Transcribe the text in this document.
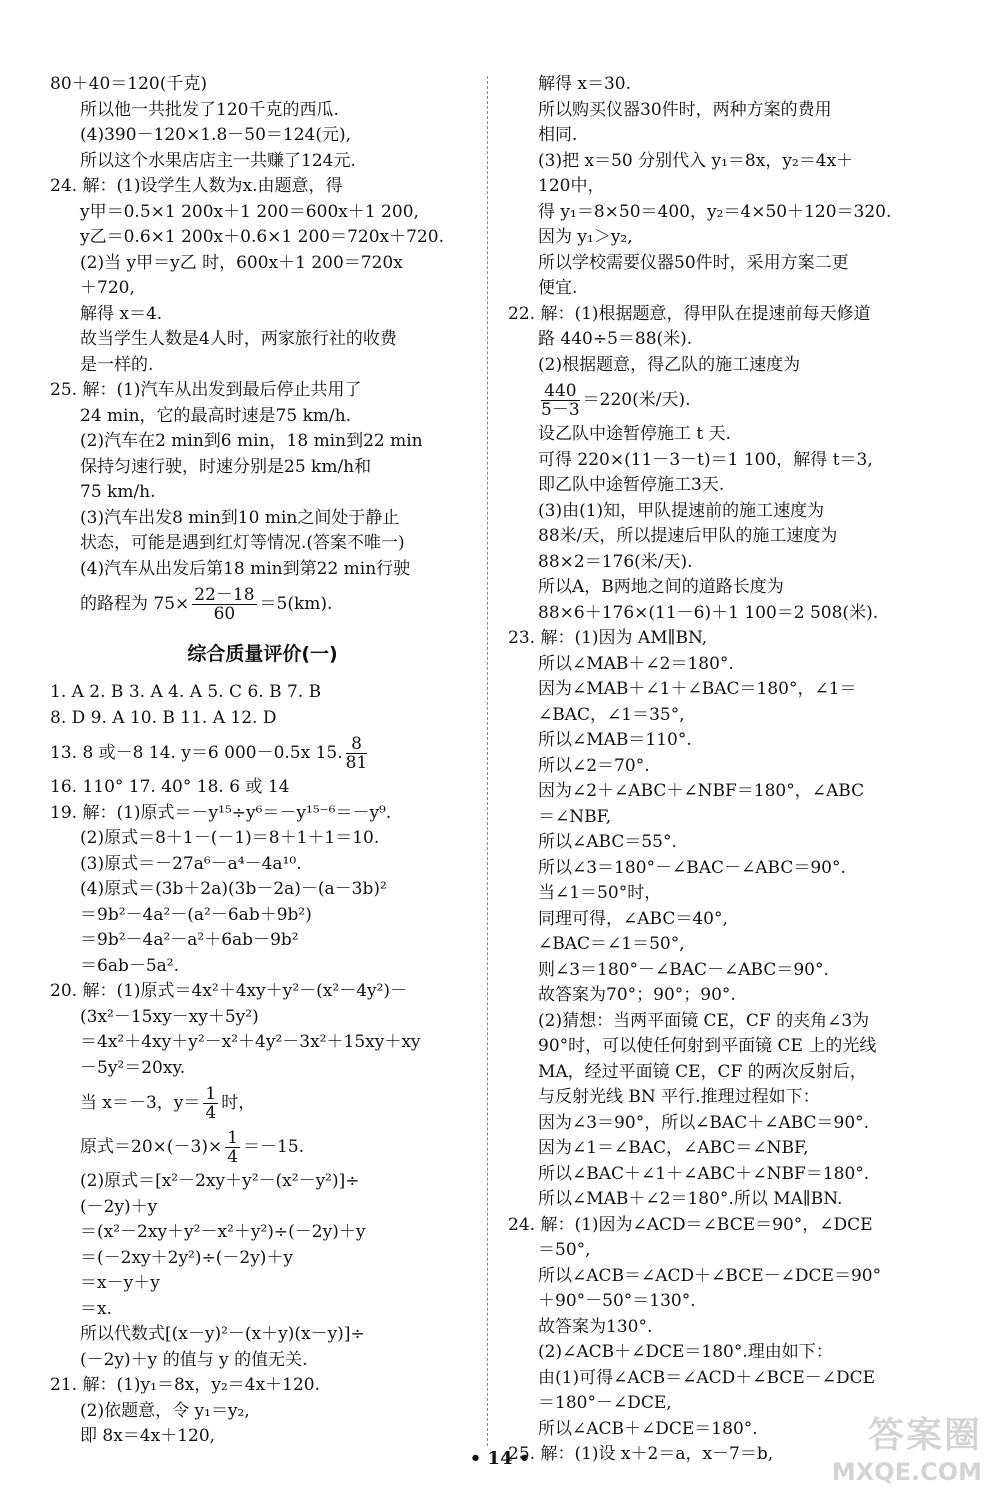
80＋40＝120(千克)
所以他一共批发了120千克的西瓜.
(4)390－120×1.8－50＝124(元),
所以这个水果店店主一共赚了124元.
24. 解：(1)设学生人数为x.由题意，得
y甲＝0.5×1 200x＋1 200＝600x＋1 200,
y乙＝0.6×1 200x＋0.6×1 200＝720x＋720.
(2)当 y甲＝y乙 时，600x＋1 200＝720x
＋720,
解得 x＝4.
故当学生人数是4人时，两家旅行社的收费
是一样的.
25. 解：(1)汽车从出发到最后停止共用了
24 min，它的最高时速是75 km/h.
(2)汽车在2 min到6 min，18 min到22 min
保持匀速行驶，时速分别是25 km/h和
75 km/h.
(3)汽车出发8 min到10 min之间处于静止
状态，可能是遇到红灯等情况.(答案不唯一)
(4)汽车从出发后第18 min到第22 min行驶
的路程为 $75\times \frac{22-18}{60} =5(km)$.
综合质量评价(一)
1. A 2. B 3. A 4. A 5. C 6. B 7. B
8. D 9. A 10. B 11. A 12. D
13. 8 或－8 14. y＝6 000－0.5x 15. $\frac{8}{81}$
16. 110° 17. 40° 18. 6 或 14
19. 解：(1)原式＝－y¹⁵÷y⁶＝－y¹⁵⁻⁶＝－y⁹.
(2)原式＝8＋1－(－1)＝8＋1＋1＝10.
(3)原式＝－27a⁶－a⁴－4a¹⁰.
(4)原式＝(3b＋2a)(3b－2a)－(a－3b)²
＝9b²－4a²－(a²－6ab＋9b²)
＝9b²－4a²－a²＋6ab－9b²
＝6ab－5a².
20. 解：(1)原式＝4x²＋4xy＋y²－(x²－4y²)－
(3x²－15xy－xy＋5y²)
＝4x²＋4xy＋y²－x²＋4y²－3x²＋15xy＋xy
－5y²＝20xy.
当 x＝－3，$y= \frac{1}{4}$ 时，
原式$=20\times(-3)\times \frac{1}{4} =-15$.
(2)原式＝[x²－2xy＋y²－(x²－y²)]÷
(－2y)＋y
＝(x²－2xy＋y²－x²＋y²)÷(－2y)＋y
＝(－2xy＋2y²)÷(－2y)＋y
＝x－y＋y
＝x.
所以代数式[(x－y)²－(x＋y)(x－y)]÷
(－2y)＋y 的值与 y 的值无关.
21. 解：(1)y₁＝8x，y₂＝4x＋120.
(2)依题意，令 y₁＝y₂,
即 8x＝4x＋120,
解得 x＝30.
所以购买仪器30件时，两种方案的费用
相同.
(3)把 x＝50 分别代入 y₁＝8x，y₂＝4x＋
120中，
得 y₁＝8×50＝400，y₂＝4×50＋120＝320.
因为 y₁＞y₂,
所以学校需要仪器50件时，采用方案二更
便宜.
22. 解：(1)根据题意，得甲队在提速前每天修道
路 440÷5＝88(米).
(2)根据题意，得乙队的施工速度为
$\frac{440}{5-3} =220$(米/天).
设乙队中途暂停施工 t 天.
可得 220×(11－3－t)＝1 100，解得 t＝3,
即乙队中途暂停施工3天.
(3)由(1)知，甲队提速前的施工速度为
88米/天，所以提速后甲队的施工速度为
88×2＝176(米/天).
所以A，B两地之间的道路长度为
88×6＋176×(11－6)＋1 100＝2 508(米).
23. 解：(1)因为 AM∥BN,
所以∠MAB＋∠2＝180°.
因为∠MAB＋∠1＋∠BAC＝180°，∠1＝
∠BAC，∠1＝35°,
所以∠MAB＝110°.
所以∠2＝70°.
因为∠2＋∠ABC＋∠NBF＝180°，∠ABC
＝∠NBF,
所以∠ABC＝55°.
所以∠3＝180°－∠BAC－∠ABC＝90°.
当∠1＝50°时，
同理可得，∠ABC＝40°,
∠BAC＝∠1＝50°,
则∠3＝180°－∠BAC－∠ABC＝90°.
故答案为70°；90°；90°.
(2)猜想：当两平面镜 CE，CF 的夹角∠3为
90°时，可以使任何射到平面镜 CE 上的光线
MA，经过平面镜 CE，CF 的两次反射后，
与反射光线 BN 平行.推理过程如下：
因为∠3＝90°，所以∠BAC＋∠ABC＝90°.
因为∠1＝∠BAC，∠ABC＝∠NBF,
所以∠BAC＋∠1＋∠ABC＋∠NBF＝180°.
所以∠MAB＋∠2＝180°.所以 MA∥BN.
24. 解：(1)因为∠ACD＝∠BCE＝90°，∠DCE
＝50°,
所以∠ACB＝∠ACD＋∠BCE－∠DCE＝90°
＋90°－50°＝130°.
故答案为130°.
(2)∠ACB＋∠DCE＝180°.理由如下：
由(1)可得∠ACB＝∠ACD＋∠BCE－∠DCE
＝180°－∠DCE,
所以∠ACB＋∠DCE＝180°.
25. 解：(1)设 x＋2＝a，x－7＝b,
• 14 •
答案圈
MXQE.COM
